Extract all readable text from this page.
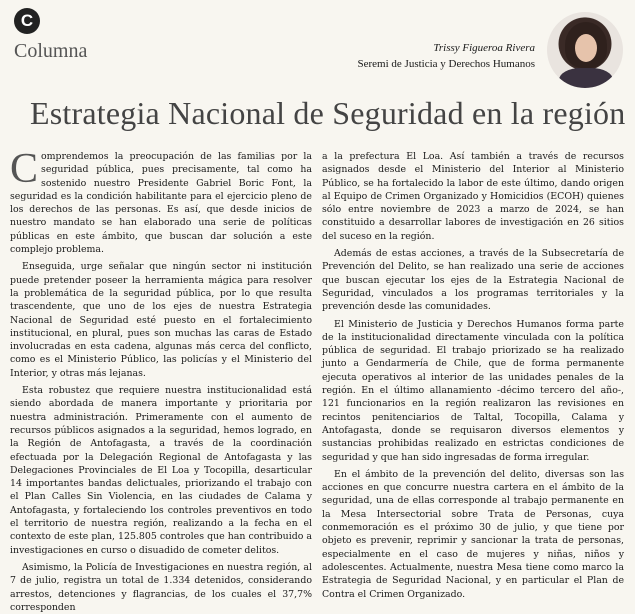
C
Columna	Trissy Figueroa Rivera
Seremi de Justicia y Derechos Humanos
Estrategia Nacional de Seguridad en la región

Comprendemos la preocupación de las familias por la seguridad pública, pues precisamente, tal como ha sostenido nuestro Presidente Gabriel Boric Font, la seguridad es la condición habilitante para el ejercicio pleno de los derechos de las personas. Es así, que desde inicios de nuestro mandato se han elaborado una serie de políticas públicas en este ámbito, que buscan dar solución a este complejo problema.

Enseguida, urge señalar que ningún sector ni institución puede pretender poseer la herramienta mágica para resolver la problemática de la seguridad pública, por lo que resulta trascendente, que uno de los ejes de nuestra Estrategia Nacional de Seguridad esté puesto en el fortalecimiento institucional, en plural, pues son muchas las caras de Estado involucradas en esta cadena, algunas más cerca del conflicto, como es el Ministerio Público, las policías y el Ministerio del Interior, y otras más lejanas.

Esta robustez que requiere nuestra institucionalidad está siendo abordada de manera importante y prioritaria por nuestra administración. Primeramente con el aumento de recursos públicos asignados a la seguridad, hemos logrado, en la Región de Antofagasta, a través de la coordinación efectuada por la Delegación Regional de Antofagasta y las Delegaciones Provinciales de El Loa y Tocopilla, desarticular 14 importantes bandas delictuales, priorizando el trabajo con el Plan Calles Sin Violencia, en las ciudades de Calama y Antofagasta, y fortaleciendo los controles preventivos en todo el territorio de nuestra región, realizando a la fecha en el contexto de este plan, 125.805 controles que han contribuido a investigaciones en curso o disuadido de cometer delitos.

Asimismo, la Policía de Investigaciones en nuestra región, al 7 de julio, registra un total de 1.334 detenidos, considerando arrestos, detenciones y flagrancias, de los cuales el 37,7% corresponden

a la prefectura El Loa. Así también a través de recursos asignados desde el Ministerio del Interior al Ministerio Público, se ha fortalecido la labor de este último, dando origen al Equipo de Crimen Organizado y Homicidios (ECOH) quienes sólo entre noviembre de 2023 a marzo de 2024, se han constituido a desarrollar labores de investigación en 26 sitios del suceso en la región.

Además de estas acciones, a través de la Subsecretaría de Prevención del Delito, se han realizado una serie de acciones que buscan ejecutar los ejes de la Estrategia Nacional de Seguridad, vinculados a los programas territoriales y la prevención desde las comunidades.

El Ministerio de Justicia y Derechos Humanos forma parte de la institucionalidad directamente vinculada con la política pública de seguridad. El trabajo priorizado se ha realizado junto a Gendarmería de Chile, que de forma permanente ejecuta operativos al interior de las unidades penales de la región. En el último allanamiento -décimo tercero del año-, 121 funcionarios en la región realizaron las revisiones en recintos penitenciarios de Taltal, Tocopilla, Calama y Antofagasta, donde se requisaron diversos elementos y sustancias prohibidas realizado en estrictas condiciones de seguridad y que han sido ingresadas de forma irregular.

En el ámbito de la prevención del delito, diversas son las acciones en que concurre nuestra cartera en el ámbito de la seguridad, una de ellas corresponde al trabajo permanente en la Mesa Intersectorial sobre Trata de Personas, cuya conmemoración es el próximo 30 de julio, y que tiene por objeto es prevenir, reprimir y sancionar la trata de personas, especialmente en el caso de mujeres y niñas, niños y adolescentes. Actualmente, nuestra Mesa tiene como marco la Estrategia de Seguridad Nacional, y en particular el Plan de Contra el Crimen Organizado.
